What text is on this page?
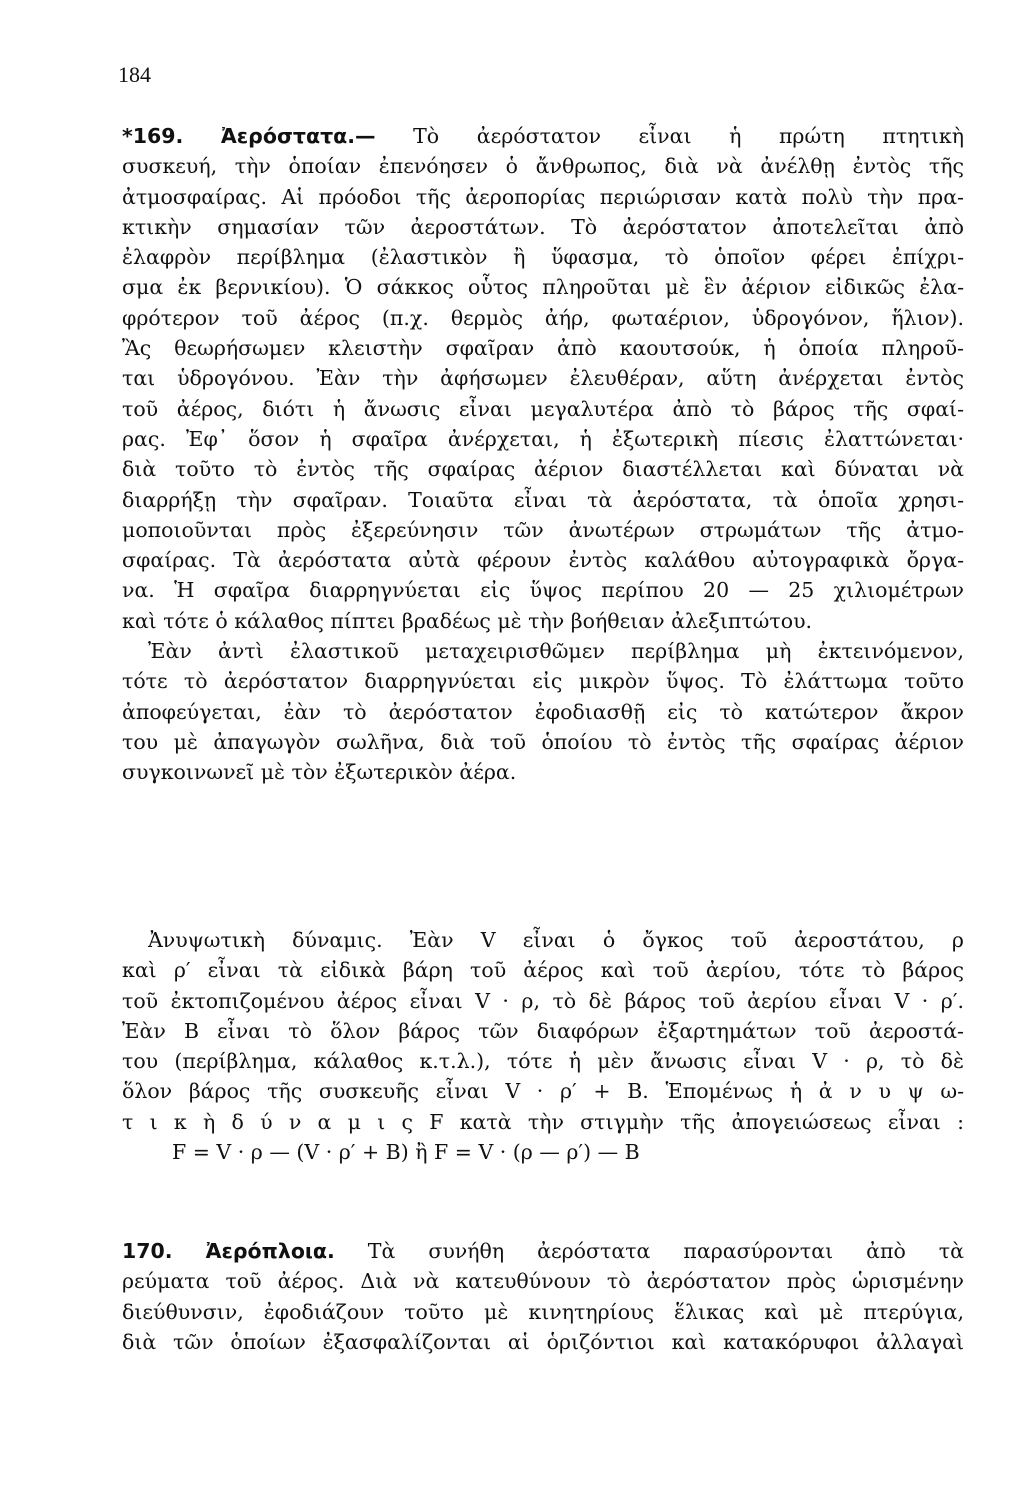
184
*169. Ἀερόστατα.— Τὸ ἀερόστατον εἶναι ἡ πρώτη πτητικὴ
συσκευή, τὴν ὁποίαν ἐπενόησεν ὁ ἄνθρωπος, διὰ νὰ ἀνέλθῃ ἐντὸς τῆς
ἀτμοσφαίρας. Αἱ πρόοδοι τῆς ἀεροπορίας περιώρισαν κατὰ πολὺ τὴν πρα-
κτικὴν σημασίαν τῶν ἀεροστάτων. Τὸ ἀερόστατον ἀποτελεῖται ἀπὸ
ἐλαφρὸν περίβλημα (ἐλαστικὸν ἢ ὕφασμα, τὸ ὁποῖον φέρει ἐπίχρι-
σμα ἐκ βερνικίου). Ὁ σάκκος οὗτος πληροῦται μὲ ἓν ἀέριον εἰδικῶς ἐλα-
φρότερον τοῦ ἀέρος (π.χ. θερμὸς ἀήρ, φωταέριον, ὑδρογόνον, ἥλιον).
Ἂς θεωρήσωμεν κλειστὴν σφαῖραν ἀπὸ καουτσούκ, ἡ ὁποία πληροῦ-
ται ὑδρογόνου. Ἐὰν τὴν ἀφήσωμεν ἐλευθέραν, αὕτη ἀνέρχεται ἐντὸς
τοῦ ἀέρος, διότι ἡ ἄνωσις εἶναι μεγαλυτέρα ἀπὸ τὸ βάρος τῆς σφαί-
ρας. Ἐφ᾽ ὅσον ἡ σφαῖρα ἀνέρχεται, ἡ ἐξωτερικὴ πίεσις ἐλαττώνεται·
διὰ τοῦτο τὸ ἐντὸς τῆς σφαίρας ἀέριον διαστέλλεται καὶ δύναται νὰ
διαρρήξῃ τὴν σφαῖραν. Τοιαῦτα εἶναι τὰ ἀερόστατα, τὰ ὁποῖα χρησι-
μοποιοῦνται πρὸς ἐξερεύνησιν τῶν ἀνωτέρων στρωμάτων τῆς ἀτμο-
σφαίρας. Τὰ ἀερόστατα αὐτὰ φέρουν ἐντὸς καλάθου αὐτογραφικὰ ὄργα-
να. Ἡ σφαῖρα διαρρηγνύεται εἰς ὕψος περίπου 20 — 25 χιλιομέτρων
καὶ τότε ὁ κάλαθος πίπτει βραδέως μὲ τὴν βοήθειαν ἀλεξιπτώτου.
Ἐὰν ἀντὶ ἐλαστικοῦ μεταχειρισθῶμεν περίβλημα μὴ ἐκτεινόμενον,
τότε τὸ ἀερόστατον διαρρηγνύεται εἰς μικρὸν ὕψος. Τὸ ἐλάττωμα τοῦτο
ἀποφεύγεται, ἐὰν τὸ ἀερόστατον ἐφοδιασθῇ εἰς τὸ κατώτερον ἄκρον
του μὲ ἀπαγωγὸν σωλῆνα, διὰ τοῦ ὁποίου τὸ ἐντὸς τῆς σφαίρας ἀέριον
συγκοινωνεῖ μὲ τὸν ἐξωτερικὸν ἀέρα.
Ἀνυψωτικὴ δύναμις. Ἐὰν V εἶναι ὁ ὄγκος τοῦ ἀεροστάτου, ρ
καὶ ρ′ εἶναι τὰ εἰδικὰ βάρη τοῦ ἀέρος καὶ τοῦ ἀερίου, τότε τὸ βάρος
τοῦ ἐκτοπιζομένου ἀέρος εἶναι V · ρ, τὸ δὲ βάρος τοῦ ἀερίου εἶναι V · ρ′.
Ἐὰν B εἶναι τὸ ὅλον βάρος τῶν διαφόρων ἐξαρτημάτων τοῦ ἀεροστά-
του (περίβλημα, κάλαθος κ.τ.λ.), τότε ἡ μὲν ἄνωσις εἶναι V · ρ, τὸ δὲ
ὅλον βάρος τῆς συσκευῆς εἶναι V · ρ′ + B. Ἑπομένως ἡ ἀ ν υ ψ ω-
τ ι κ ὴ δ ύ ν α μ ι ς F κατὰ τὴν στιγμὴν τῆς ἀπογειώσεως εἶναι :
F = V · ρ — (V · ρ′ + B) ἢ F = V · (ρ — ρ′) — B
170. Ἀερόπλοια. Τὰ συνήθη ἀερόστατα παρασύρονται ἀπὸ τὰ
ρεύματα τοῦ ἀέρος. Διὰ νὰ κατευθύνουν τὸ ἀερόστατον πρὸς ὡρισμένην
διεύθυνσιν, ἐφοδιάζουν τοῦτο μὲ κινητηρίους ἕλικας καὶ μὲ πτερύγια,
διὰ τῶν ὁποίων ἐξασφαλίζονται αἱ ὁριζόντιοι καὶ κατακόρυφοι ἀλλαγαὶ
